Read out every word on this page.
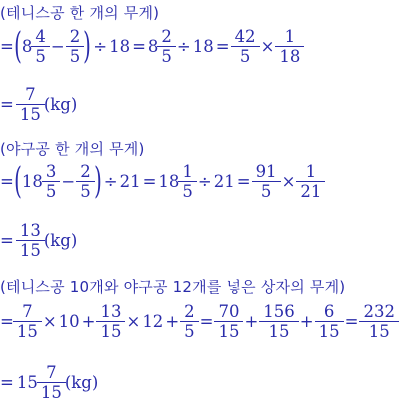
(테니스공 한 개의 무게)
= ( $8 \frac{4}{5} - \frac{2}{5}$ ) ÷ $18 = 8 \frac{2}{5} \div 18 = \frac{42}{5} \times \frac{1}{18}$
= $\frac{7}{15} (kg)$
(야구공 한 개의 무게)
= ( $18 \frac{3}{5} - \frac{2}{5}$ ) ÷ $21 = 18 \frac{1}{5} \div 21 = \frac{91}{5} \times \frac{1}{21}$
= $\frac{13}{15} (kg)$
(테니스공 10개와 야구공 12개를 넣은 상자의 무게)
= $\frac{7}{15} \times 10 + \frac{13}{15} \times 12 + \frac{2}{5} = \frac{70}{15} + \frac{156}{15} + \frac{6}{15} = \frac{232}{15}$
= $15 \frac{7}{15} (kg)$
